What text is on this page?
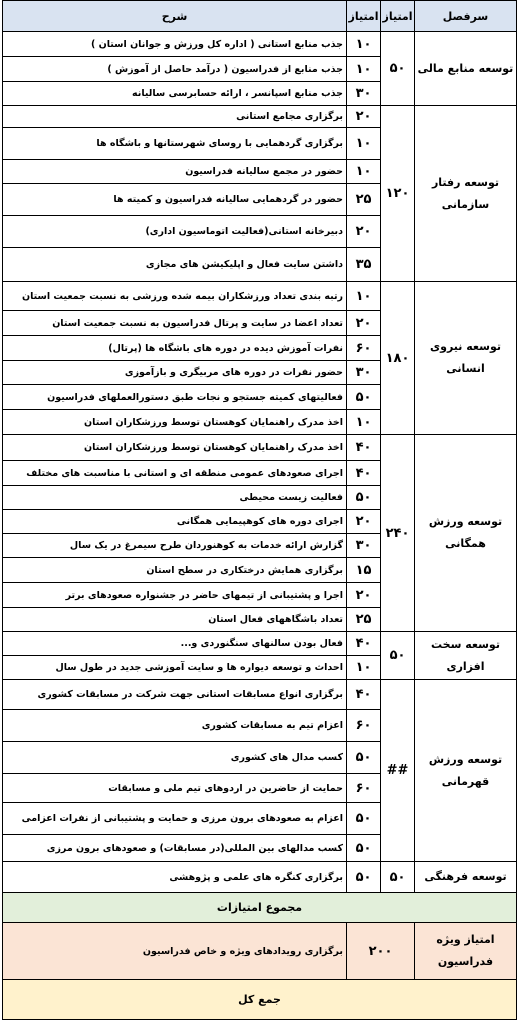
سرفصل	امتیاز	امتیاز	شرح
توسعه منابع مالی	۵۰	۱۰	جذب منابع استانی ( اداره کل ورزش و جوانان استان )
		۱۰	جذب منابع از فدراسیون ( درآمد حاصل از آموزش )
		۳۰	جذب منابع اسپانسر ، ارائه حسابرسی سالیانه
توسعه رفتار سازمانی	۱۲۰	۲۰	برگزاری مجامع استانی
		۱۰	برگزاری گردهمایی با روسای شهرستانها و باشگاه ها
		۱۰	حضور در مجمع سالیانه فدراسیون
		۲۵	حضور در گردهمایی سالیانه فدراسیون و کمیته ها
		۲۰	دبیرخانه استانی(فعالیت اتوماسیون اداری)
		۳۵	داشتن سایت فعال و اپلیکیشن های مجازی
توسعه نیروی انسانی	۱۸۰	۱۰	رتبه بندی تعداد ورزشکاران بیمه شده ورزشی به نسبت جمعیت استان
		۲۰	تعداد اعضا در سایت و پرتال فدراسیون به نسبت جمعیت استان
		۶۰	نفرات آموزش دیده در دوره های باشگاه ها (پرتال)
		۳۰	حضور نفرات در دوره های مربیگری و بازآموزی
		۵۰	فعالیتهای کمیته جستجو و نجات طبق دستورالعملهای فدراسیون
		۱۰	اخذ مدرک راهنمایان کوهستان توسط ورزشکاران استان
توسعه ورزش همگانی	۲۴۰	۴۰	اخذ مدرک راهنمایان کوهستان توسط ورزشکاران استان
		۴۰	اجرای صعودهای عمومی منطقه ای و استانی با مناسبت های مختلف
		۵۰	فعالیت زیست محیطی
		۲۰	اجرای دوره های کوهپیمایی همگانی
		۳۰	گزارش ارائه خدمات به کوهنوردان طرح سیمرغ در یک سال
		۱۵	برگزاری همایش درختکاری در سطح استان
		۲۰	اجرا و پشتیبانی از تیمهای حاضر در جشنواره صعودهای برتر
		۲۵	تعداد باشگاههای فعال استان
توسعه سخت افزاری	۵۰	۴۰	فعال بودن سالنهای سنگنوردی و...
		۱۰	احداث و توسعه دیواره ها و سایت آموزشی جدید در طول سال
توسعه ورزش قهرمانی	##	۴۰	برگزاری انواع مسابقات استانی جهت شرکت در مسابقات کشوری
		۶۰	اعزام تیم به مسابقات کشوری
		۵۰	کسب مدال های کشوری
		۶۰	حمایت از حاضرین در اردوهای تیم ملی و مسابقات
		۵۰	اعزام به صعودهای برون مرزی و حمایت و پشتیبانی از نفرات اعزامی
		۵۰	کسب مدالهای بین المللی(در مسابقات) و صعودهای برون مرزی
توسعه فرهنگی	۵۰	۵۰	برگزاری کنگره های علمی و پژوهشی
مجموع امتیازات			
امتیاز ویژه فدراسیون	۲۰۰		برگزاری رویدادهای ویژه و خاص فدراسیون
جمع کل			
